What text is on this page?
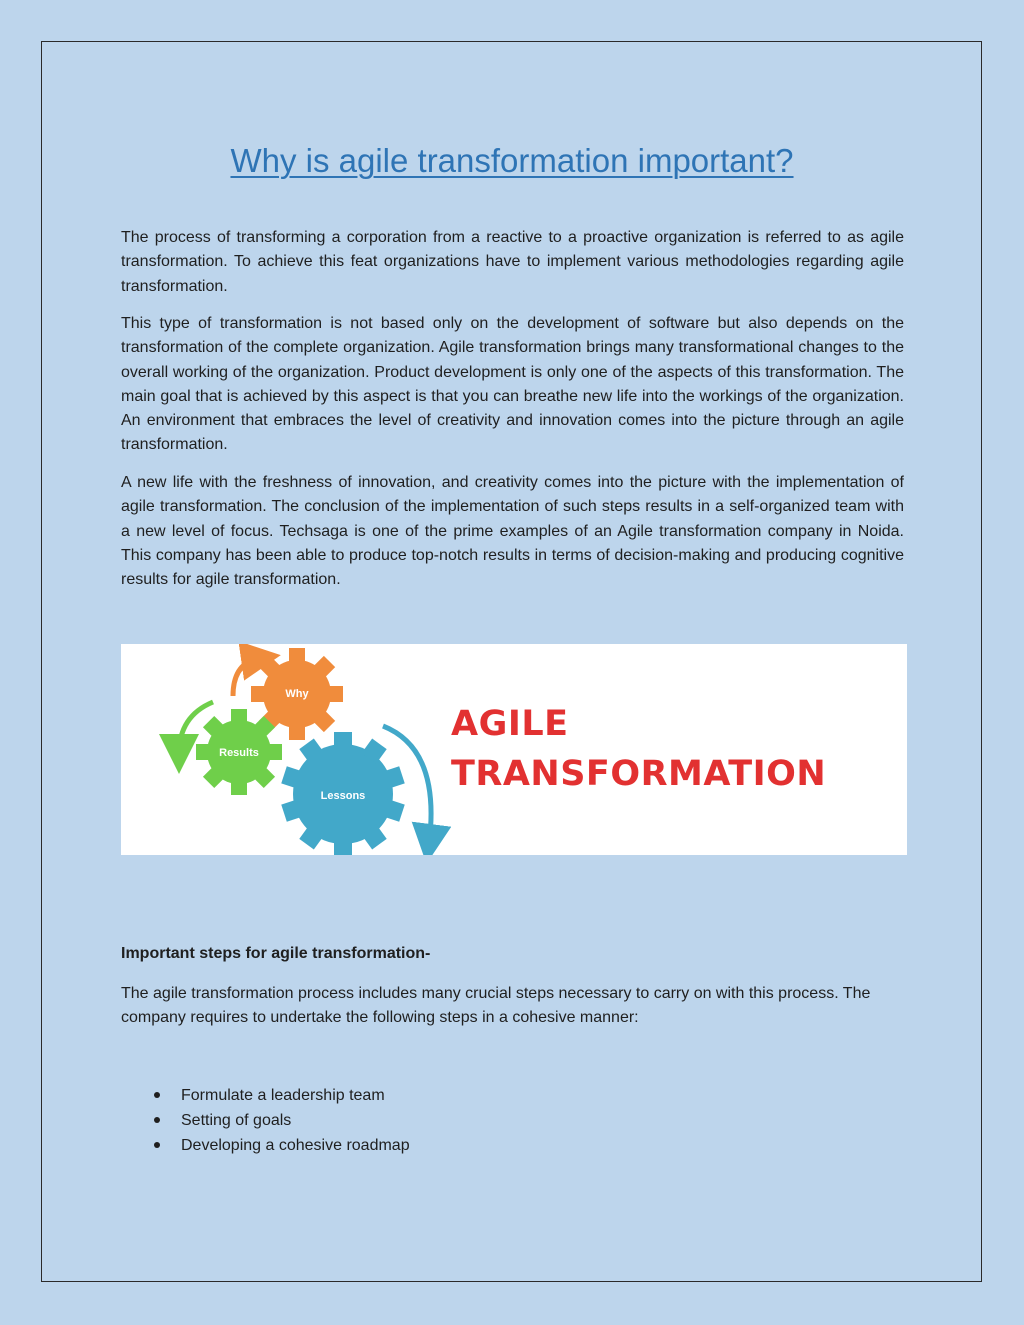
Why is agile transformation important?

The process of transforming a corporation from a reactive to a proactive organization is referred to as agile transformation. To achieve this feat organizations have to implement various methodologies regarding agile transformation.

This type of transformation is not based only on the development of software but also depends on the transformation of the complete organization. Agile transformation brings many transformational changes to the overall working of the organization. Product development is only one of the aspects of this transformation. The main goal that is achieved by this aspect is that you can breathe new life into the workings of the organization. An environment that embraces the level of creativity and innovation comes into the picture through an agile transformation.

A new life with the freshness of innovation, and creativity comes into the picture with the implementation of agile transformation. The conclusion of the implementation of such steps results in a self-organized team with a new level of focus. Techsaga is one of the prime examples of an Agile transformation company in Noida. This company has been able to produce top-notch results in terms of decision-making and producing cognitive results for agile transformation.

Why
Results
Lessons
AGILE
TRANSFORMATION
Important steps for agile transformation-

The agile transformation process includes many crucial steps necessary to carry on with this process. The company requires to undertake the following steps in a cohesive manner:

Formulate a leadership team
Setting of goals
Developing a cohesive roadmap
